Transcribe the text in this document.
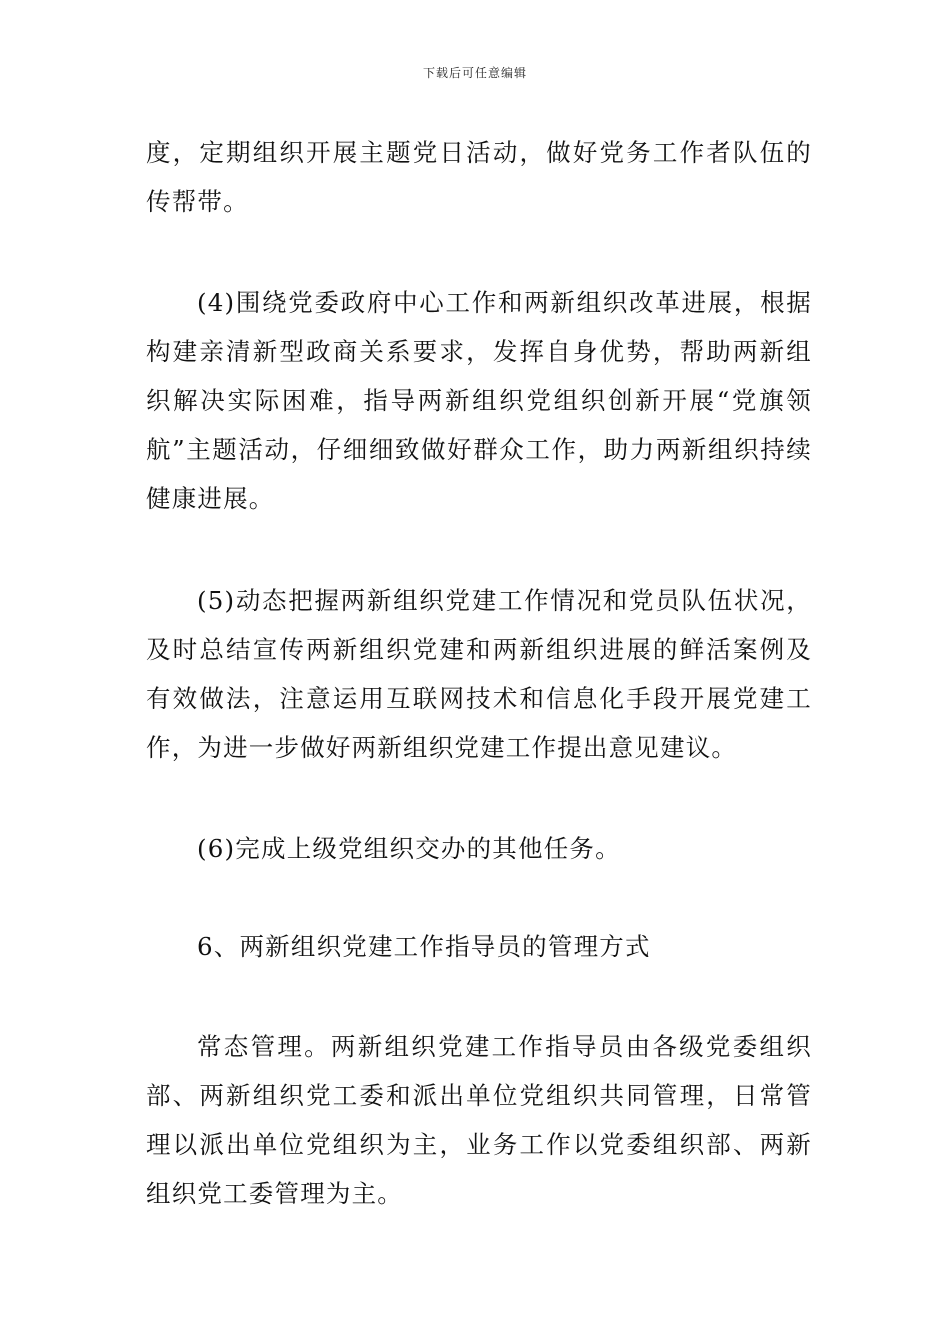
下载后可任意编辑

度，定期组织开展主题党日活动，做好党务工作者队伍的传帮带。

(4)围绕党委政府中心工作和两新组织改革进展，根据构建亲清新型政商关系要求，发挥自身优势，帮助两新组织解决实际困难，指导两新组织党组织创新开展“党旗领航”主题活动，仔细细致做好群众工作，助力两新组织持续健康进展。

(5)动态把握两新组织党建工作情况和党员队伍状况，及时总结宣传两新组织党建和两新组织进展的鲜活案例及有效做法，注意运用互联网技术和信息化手段开展党建工作，为进一步做好两新组织党建工作提出意见建议。

(6)完成上级党组织交办的其他任务。

6、两新组织党建工作指导员的管理方式

常态管理。两新组织党建工作指导员由各级党委组织部、两新组织党工委和派出单位党组织共同管理，日常管理以派出单位党组织为主，业务工作以党委组织部、两新组织党工委管理为主。
